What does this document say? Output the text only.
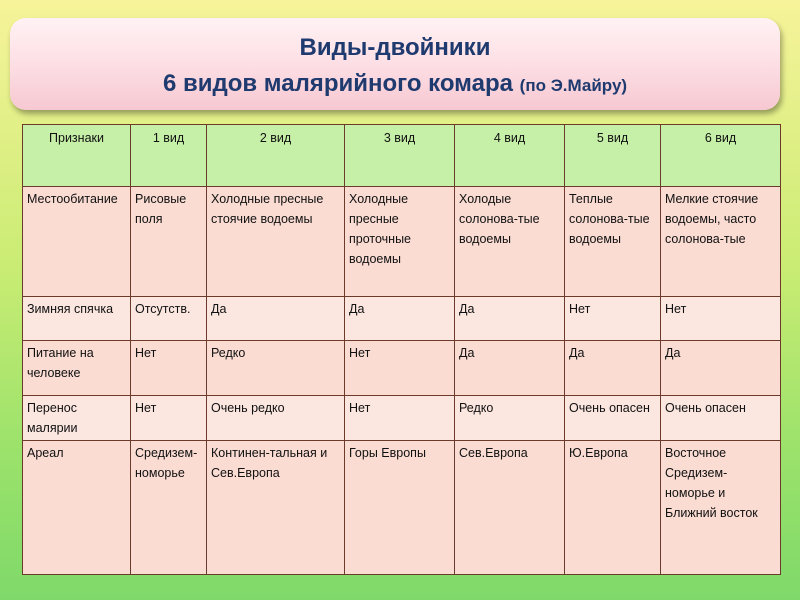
Виды-двойники
6 видов малярийного комара (по Э.Майру)
Признаки	1 вид	2 вид	3 вид	4 вид	5 вид	6 вид
Местообитание	Рисовые поля	Холодные пресные стоячие водоемы	Холодные пресные проточные водоемы	Холодые солонова-тые водоемы	Теплые солонова-тые водоемы	Мелкие стоячие водоемы, часто солонова-тые
Зимняя спячка	Отсутств.	Да	Да	Да	Нет	Нет
Питание на человеке	Нет	Редко	Нет	Да	Да	Да
Перенос малярии	Нет	Очень редко	Нет	Редко	Очень опасен	Очень опасен
Ареал	Средизем-номорье	Континен-тальная и Сев.Европа	Горы Европы	Сев.Европа	Ю.Европа	Восточное Средизем-номорье и Ближний восток
